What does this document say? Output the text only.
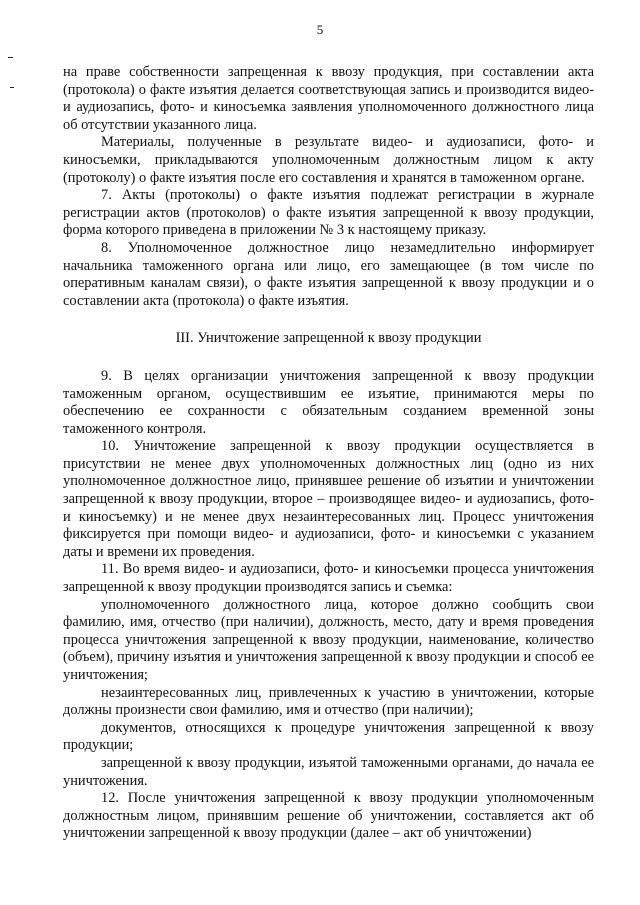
5

на праве собственности запрещенная к ввозу продукция, при составлении акта (протокола) о факте изъятия делается соответствующая запись и производится видео- и аудиозапись, фото- и киносъемка заявления уполномоченного должностного лица об отсутствии указанного лица.

Материалы, полученные в результате видео- и аудиозаписи, фото- и киносъемки, прикладываются уполномоченным должностным лицом к акту (протоколу) о факте изъятия после его составления и хранятся в таможенном органе.

7. Акты (протоколы) о факте изъятия подлежат регистрации в журнале регистрации актов (протоколов) о факте изъятия запрещенной к ввозу продукции, форма которого приведена в приложении № 3 к настоящему приказу.

8. Уполномоченное должностное лицо незамедлительно информирует начальника таможенного органа или лицо, его замещающее (в том числе по оперативным каналам связи), о факте изъятия запрещенной к ввозу продукции и о составлении акта (протокола) о факте изъятия.

III. Уничтожение запрещенной к ввозу продукции

9. В целях организации уничтожения запрещенной к ввозу продукции таможенным органом, осуществившим ее изъятие, принимаются меры по обеспечению ее сохранности с обязательным созданием временной зоны таможенного контроля.

10. Уничтожение запрещенной к ввозу продукции осуществляется в присутствии не менее двух уполномоченных должностных лиц (одно из них уполномоченное должностное лицо, принявшее решение об изъятии и уничтожении запрещенной к ввозу продукции, второе – производящее видео- и аудиозапись, фото- и киносъемку) и не менее двух незаинтересованных лиц. Процесс уничтожения фиксируется при помощи видео- и аудиозаписи, фото- и киносъемки с указанием даты и времени их проведения.

11. Во время видео- и аудиозаписи, фото- и киносъемки процесса уничтожения запрещенной к ввозу продукции производятся запись и съемка:

уполномоченного должностного лица, которое должно сообщить свои фамилию, имя, отчество (при наличии), должность, место, дату и время проведения процесса уничтожения запрещенной к ввозу продукции, наименование, количество (объем), причину изъятия и уничтожения запрещенной к ввозу продукции и способ ее уничтожения;

незаинтересованных лиц, привлеченных к участию в уничтожении, которые должны произнести свои фамилию, имя и отчество (при наличии);

документов, относящихся к процедуре уничтожения запрещенной к ввозу продукции;

запрещенной к ввозу продукции, изъятой таможенными органами, до начала ее уничтожения.

12. После уничтожения запрещенной к ввозу продукции уполномоченным должностным лицом, принявшим решение об уничтожении, составляется акт об уничтожении запрещенной к ввозу продукции (далее – акт об уничтожении)
